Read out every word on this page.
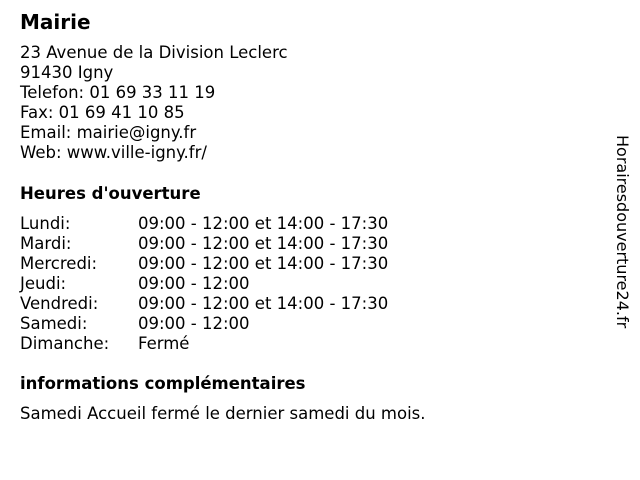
Mairie
23 Avenue de la Division Leclerc
91430 Igny
Telefon: 01 69 33 11 19
Fax: 01 69 41 10 85
Email: mairie@igny.fr
Web: www.ville-igny.fr/
Heures d'ouverture
Lundi:	09:00 - 12:00 et 14:00 - 17:30
Mardi:	09:00 - 12:00 et 14:00 - 17:30
Mercredi: 09:00 - 12:00 et 14:00 - 17:30
Jeudi:	09:00 - 12:00
Vendredi: 09:00 - 12:00 et 14:00 - 17:30
Samedi:	09:00 - 12:00
Dimanche: Fermé
informations complémentaires
Samedi Accueil fermé le dernier samedi du mois.
Horairesdouverture24.fr
